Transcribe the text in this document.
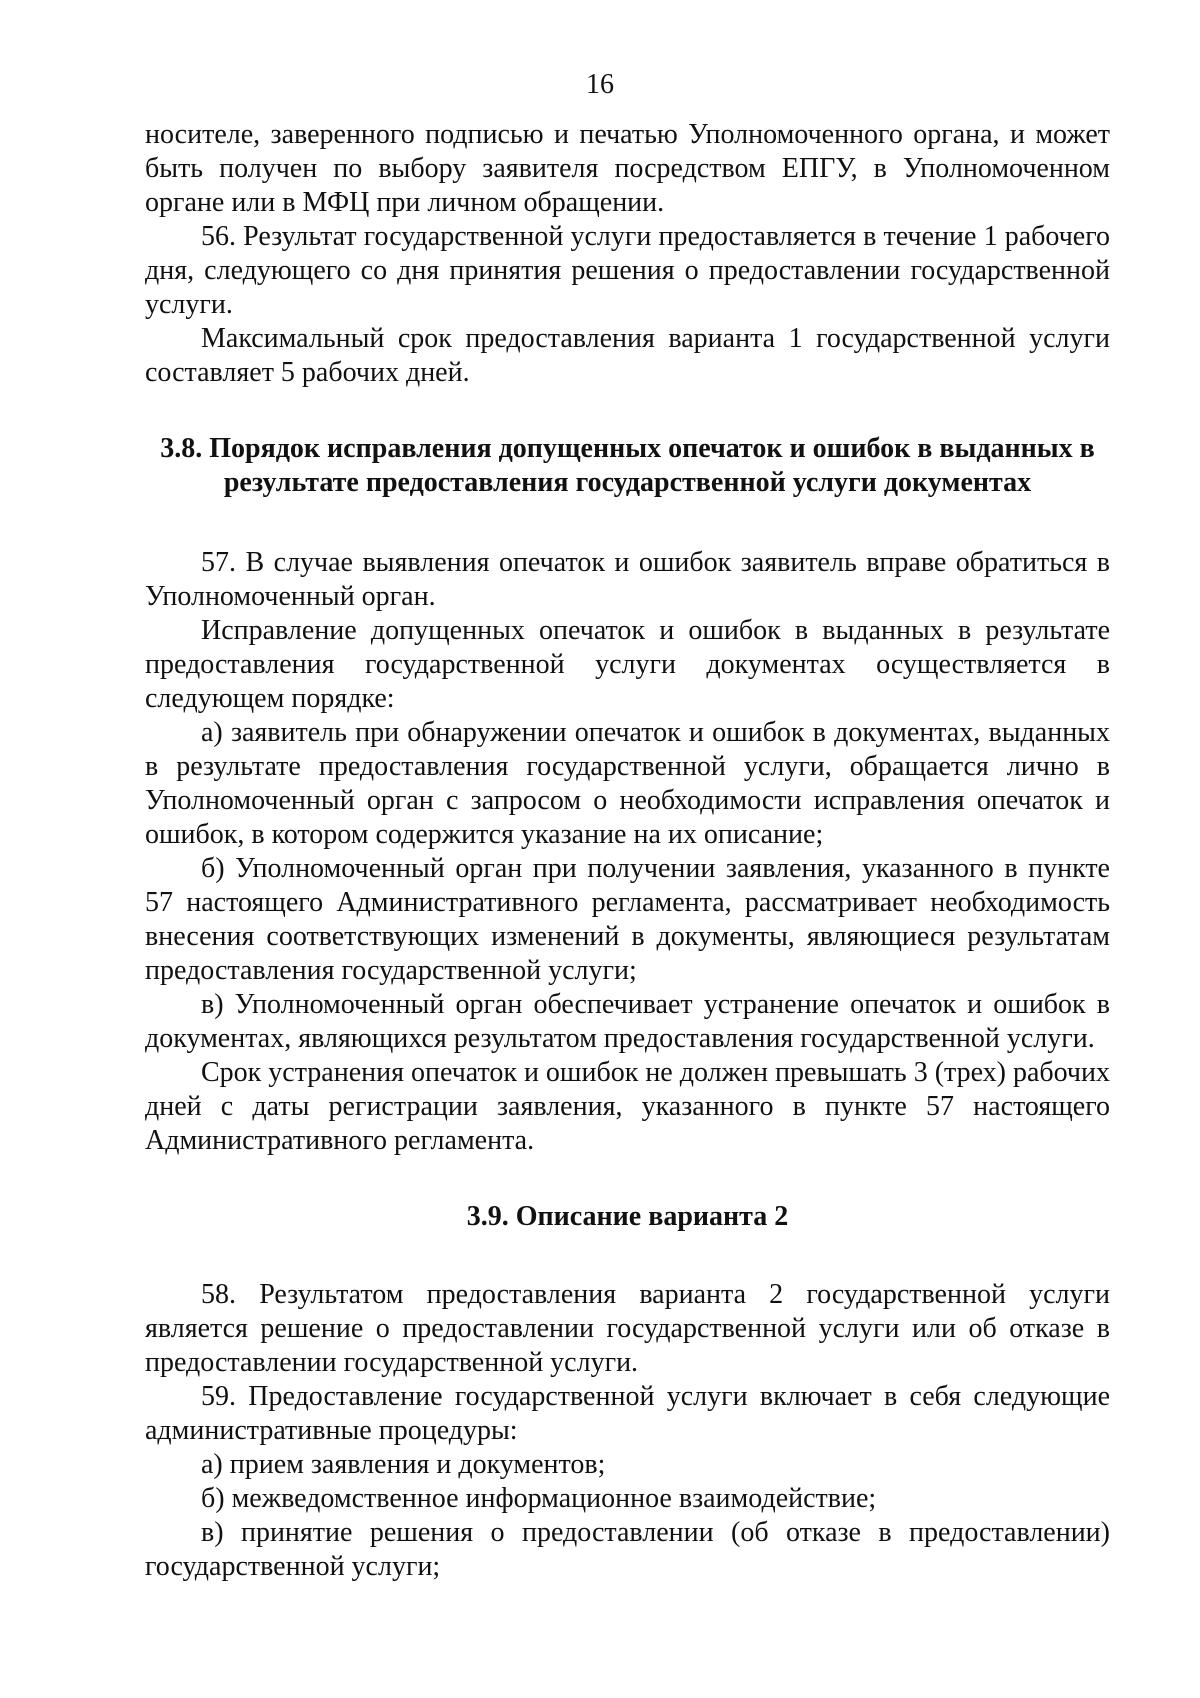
16

носителе, заверенного подписью и печатью Уполномоченного органа, и может быть получен по выбору заявителя посредством ЕПГУ, в Уполномоченном органе или в МФЦ при личном обращении.

56. Результат государственной услуги предоставляется в течение 1 рабочего дня, следующего со дня принятия решения о предоставлении государственной услуги.

Максимальный срок предоставления варианта 1 государственной услуги составляет 5 рабочих дней.

3.8. Порядок исправления допущенных опечаток и ошибок в выданных в результате предоставления государственной услуги документах

57. В случае выявления опечаток и ошибок заявитель вправе обратиться в Уполномоченный орган.

Исправление допущенных опечаток и ошибок в выданных в результате предоставления государственной услуги документах осуществляется в следующем порядке:

а) заявитель при обнаружении опечаток и ошибок в документах, выданных в результате предоставления государственной услуги, обращается лично в Уполномоченный орган с запросом о необходимости исправления опечаток и ошибок, в котором содержится указание на их описание;

б) Уполномоченный орган при получении заявления, указанного в пункте 57 настоящего Административного регламента, рассматривает необходимость внесения соответствующих изменений в документы, являющиеся результатам предоставления государственной услуги;

в) Уполномоченный орган обеспечивает устранение опечаток и ошибок в документах, являющихся результатом предоставления государственной услуги.

Срок устранения опечаток и ошибок не должен превышать 3 (трех) рабочих дней с даты регистрации заявления, указанного в пункте 57 настоящего Административного регламента.

3.9. Описание варианта 2

58. Результатом предоставления варианта 2 государственной услуги является решение о предоставлении государственной услуги или об отказе в предоставлении государственной услуги.

59. Предоставление государственной услуги включает в себя следующие административные процедуры:

а) прием заявления и документов;

б) межведомственное информационное взаимодействие;

в) принятие решения о предоставлении (об отказе в предоставлении) государственной услуги;
